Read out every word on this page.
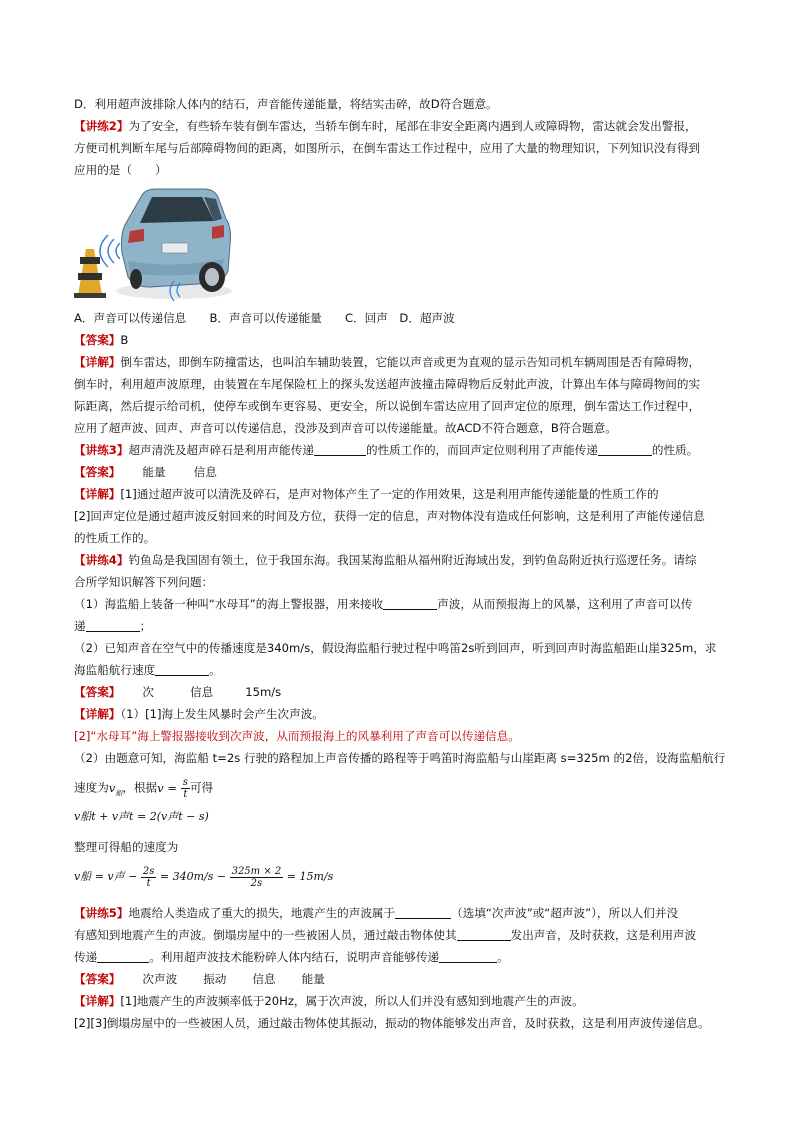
D．利用超声波排除人体内的结石，声音能传递能量，将结实击碎，故D符合题意。
【讲练2】为了安全，有些轿车装有倒车雷达，当轿车倒车时，尾部在非安全距离内遇到人或障碍物，雷达就会发出警报，
方便司机判断车尾与后部障碍物间的距离，如图所示，在倒车雷达工作过程中，应用了大量的物理知识，下列知识没有得到
应用的是（　　）
A．声音可以传递信息　　B．声音可以传递能量　　C．回声　D．超声波
【答案】B
【详解】倒车雷达，即倒车防撞雷达，也叫泊车辅助装置，它能以声音或更为直观的显示告知司机车辆周围是否有障碍物，
倒车时，利用超声波原理，由装置在车尾保险杠上的探头发送超声波撞击障碍物后反射此声波，计算出车体与障碍物间的实
际距离，然后提示给司机，使停车或倒车更容易、更安全，所以说倒车雷达应用了回声定位的原理，倒车雷达工作过程中，
应用了超声波、回声、声音可以传递信息，没涉及到声音可以传递能量。故ACD不符合题意，B符合题意。
【讲练3】超声清洗及超声碎石是利用声能传递	的性质工作的，而回声定位则利用了声能传递	的性质。
【答案】 能量 信息
【详解】[1]通过超声波可以清洗及碎石，是声对物体产生了一定的作用效果，这是利用声能传递能量的性质工作的
[2]回声定位是通过超声波反射回来的时间及方位，获得一定的信息，声对物体没有造成任何影响，这是利用了声能传递信息
的性质工作的。
【讲练4】钓鱼岛是我国固有领土，位于我国东海。我国某海监船从福州附近海域出发，到钓鱼岛附近执行巡逻任务。请综
合所学知识解答下列问题：
（1）海监船上装备一种叫“水母耳”的海上警报器，用来接收	声波，从而预报海上的风暴，这利用了声音可以传
递	；
（2）已知声音在空气中的传播速度是340m/s，假设海监船行驶过程中鸣笛2s听到回声，听到回声时海监船距山崖325m，求
海监船航行速度	。
【答案】 次	信息	15m/s
【详解】（1）[1]海上发生风暴时会产生次声波。
[2]“水母耳”海上警报器接收到次声波，从而预报海上的风暴利用了声音可以传递信息。
（2）由题意可知，海监船 t=2s 行驶的路程加上声音传播的路程等于鸣笛时海监船与山崖距离 s=325m 的2倍，设海监船航行
速度为$v_船$，根据$v = \frac{s}{t}$ 可得
v船t + v声t = 2(v声t − s)
整理可得船的速度为
v船 = v声 − $\frac{2s}{t} = 340m/s - \frac{325m \times 2}{2s} = 15m/s$
【讲练5】地震给人类造成了重大的损失，地震产生的声波属于	（选填“次声波”或“超声波”），所以人们并没
有感知到地震产生的声波。倒塌房屋中的一些被困人员，通过敲击物体使其	发出声音，及时获救，这是利用声波
传递	。利用超声波技术能粉碎人体内结石，说明声音能够传递	。
【答案】 次声波 振动 信息 能量
【详解】[1]地震产生的声波频率低于20Hz，属于次声波，所以人们并没有感知到地震产生的声波。
[2][3]倒塌房屋中的一些被困人员，通过敲击物体使其振动，振动的物体能够发出声音，及时获救，这是利用声波传递信息。
